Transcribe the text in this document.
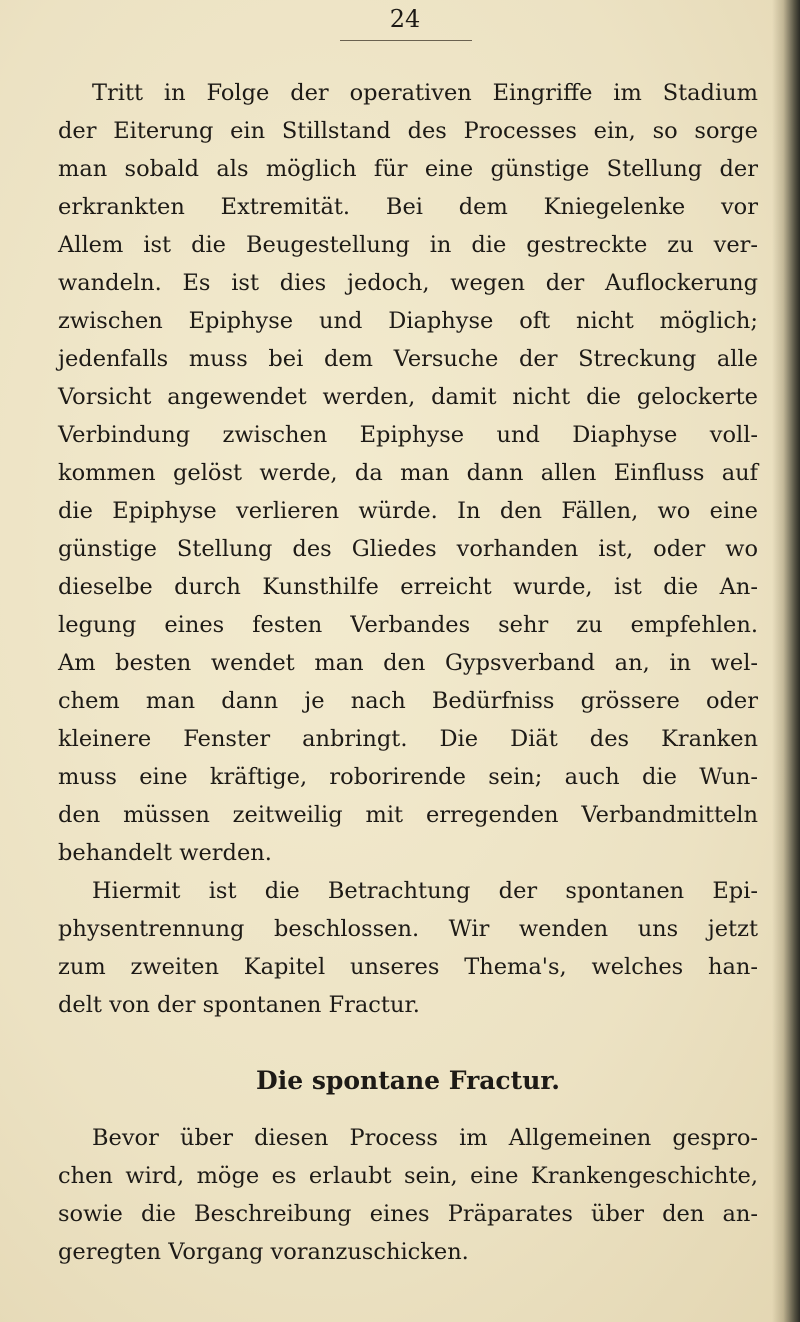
24
Tritt in Folge der operativen Eingriffe im Stadium
der Eiterung ein Stillstand des Processes ein, so sorge
man sobald als möglich für eine günstige Stellung der
erkrankten Extremität. Bei dem Kniegelenke vor
Allem ist die Beugestellung in die gestreckte zu ver-
wandeln. Es ist dies jedoch, wegen der Auflockerung
zwischen Epiphyse und Diaphyse oft nicht möglich;
jedenfalls muss bei dem Versuche der Streckung alle
Vorsicht angewendet werden, damit nicht die gelockerte
Verbindung zwischen Epiphyse und Diaphyse voll-
kommen gelöst werde, da man dann allen Einfluss auf
die Epiphyse verlieren würde. In den Fällen, wo eine
günstige Stellung des Gliedes vorhanden ist, oder wo
dieselbe durch Kunsthilfe erreicht wurde, ist die An-
legung eines festen Verbandes sehr zu empfehlen.
Am besten wendet man den Gypsverband an, in wel-
chem man dann je nach Bedürfniss grössere oder
kleinere Fenster anbringt. Die Diät des Kranken
muss eine kräftige, roborirende sein; auch die Wun-
den müssen zeitweilig mit erregenden Verbandmitteln
behandelt werden.
Hiermit ist die Betrachtung der spontanen Epi-
physentrennung beschlossen. Wir wenden uns jetzt
zum zweiten Kapitel unseres Thema's, welches han-
delt von der spontanen Fractur.
Die spontane Fractur.
Bevor über diesen Process im Allgemeinen gespro-
chen wird, möge es erlaubt sein, eine Krankengeschichte,
sowie die Beschreibung eines Präparates über den an-
geregten Vorgang voranzuschicken.
